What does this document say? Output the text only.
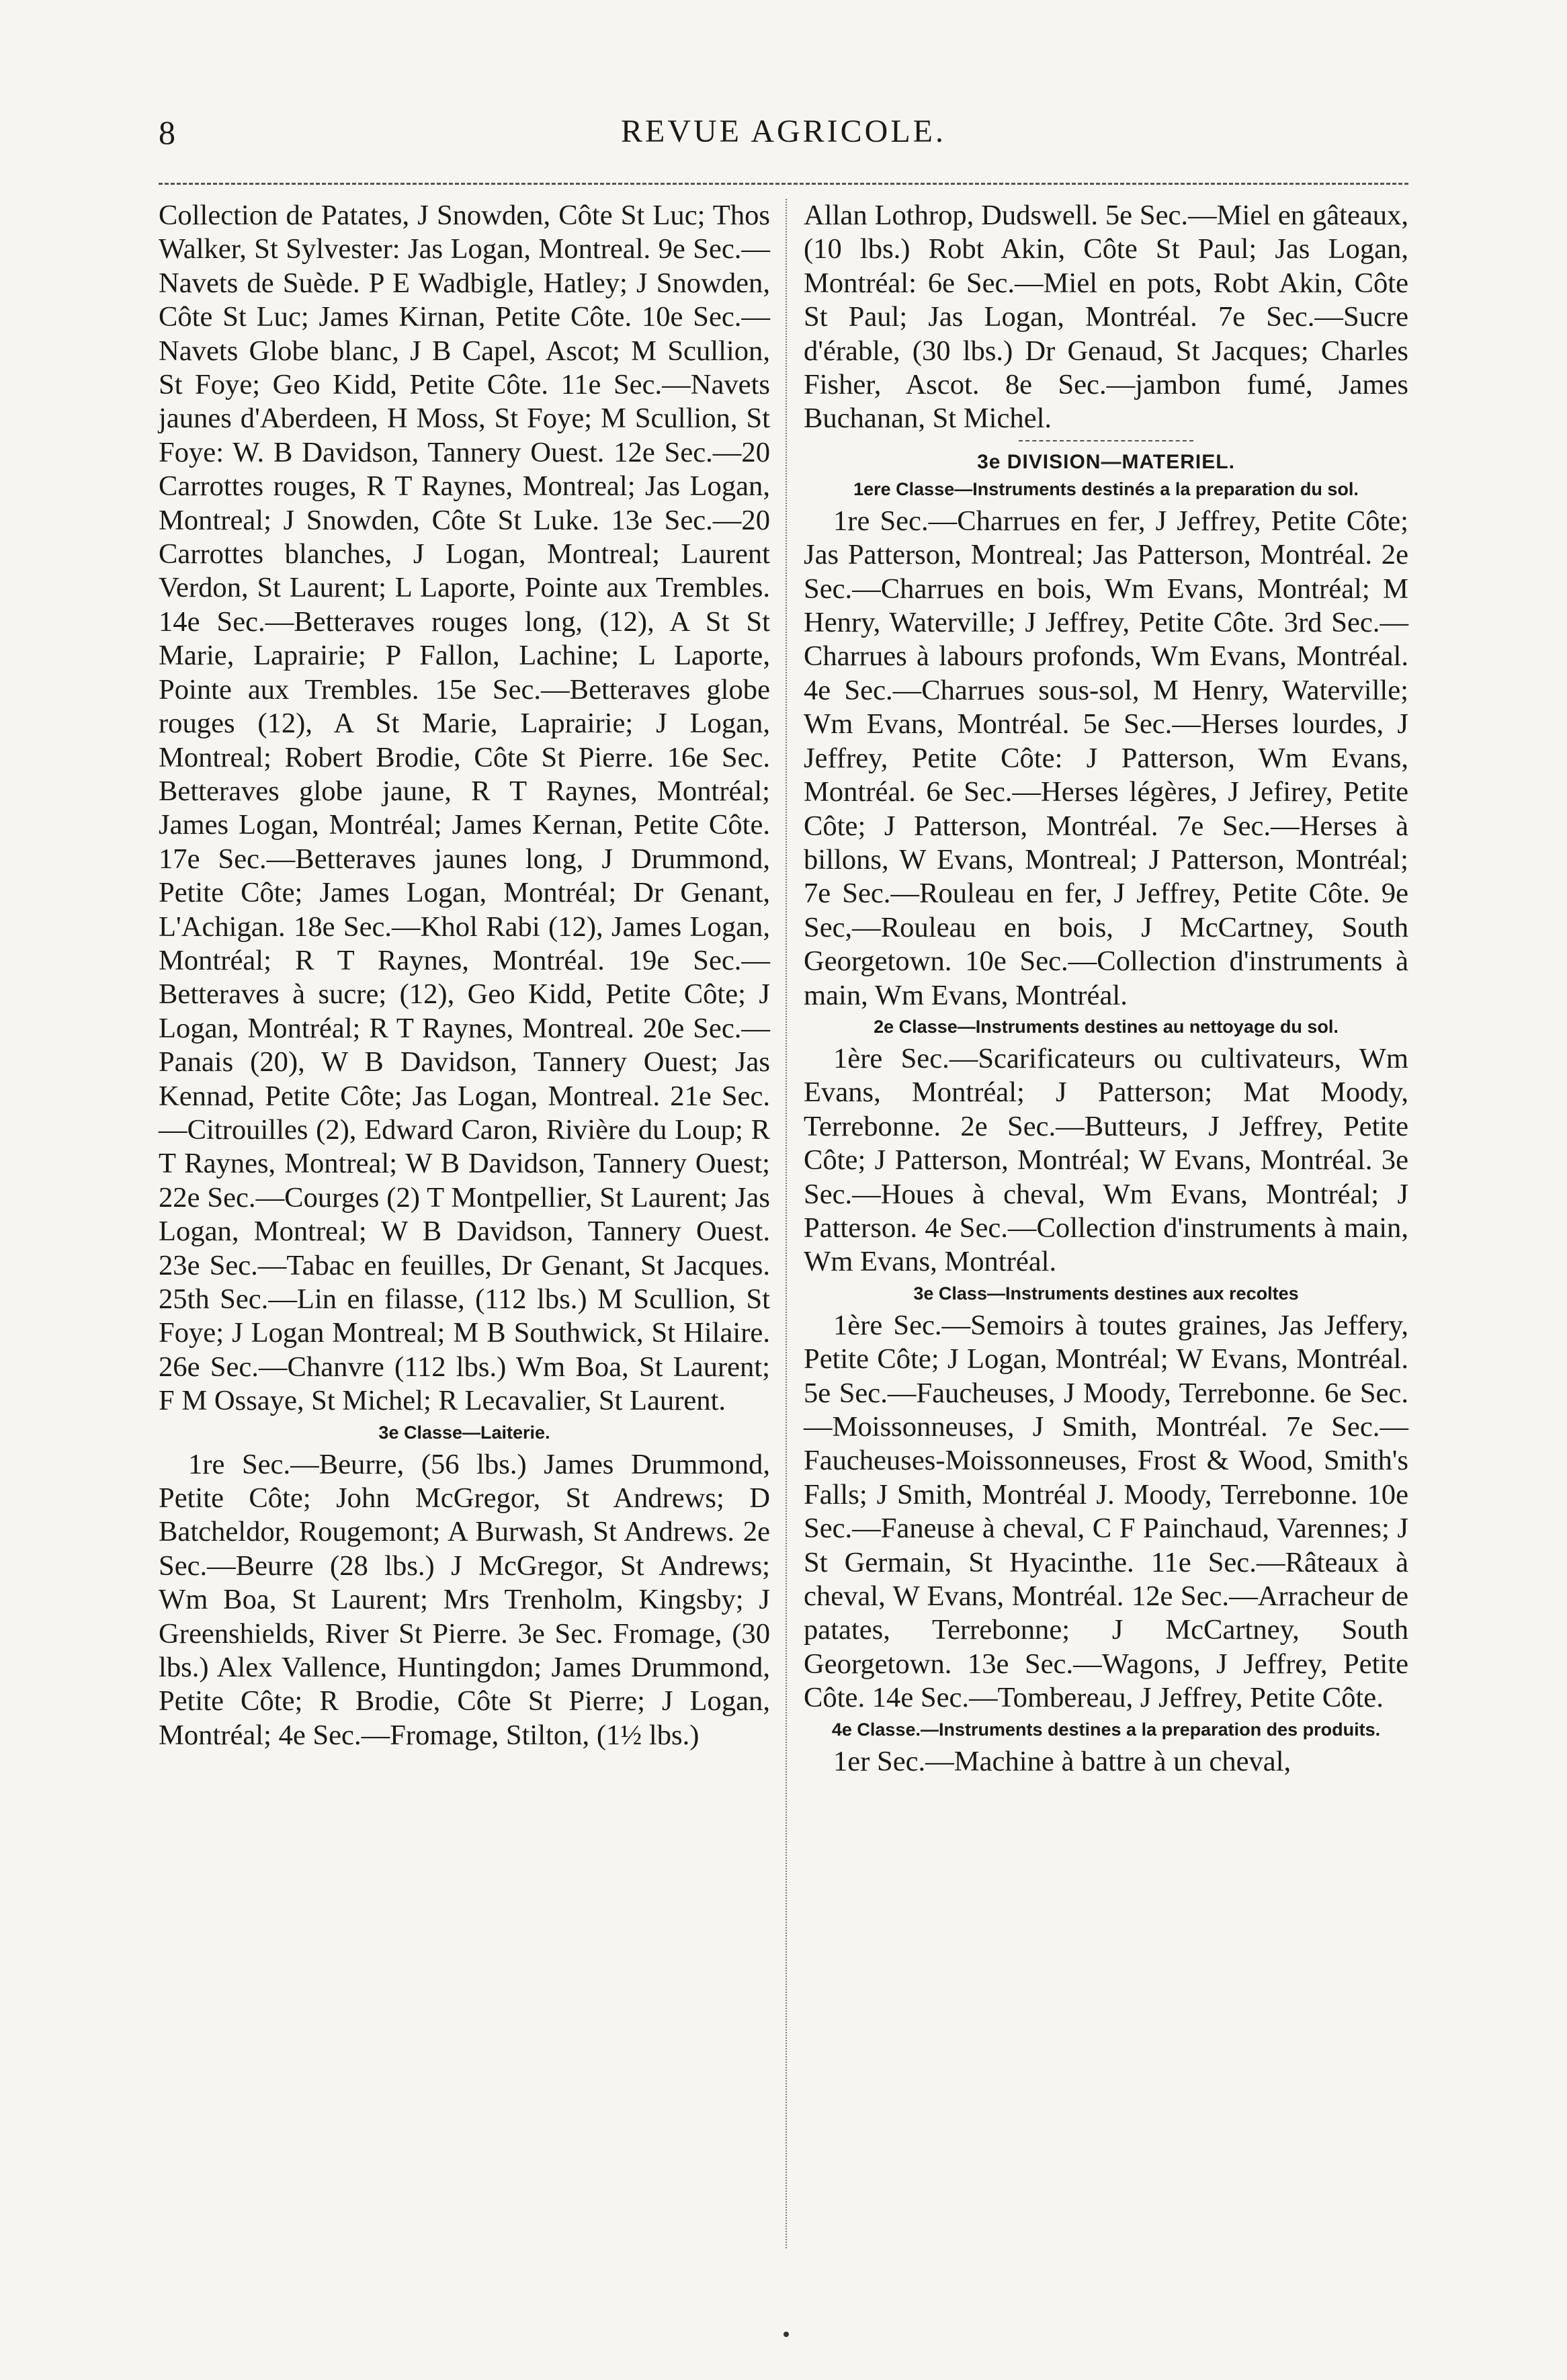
8	REVUE AGRICOLE.

Collection de Patates, J Snowden, Côte St Luc; Thos Walker, St Sylvester: Jas Logan, Montreal. 9e Sec.—Navets de Suède. P E Wadbigle, Hatley; J Snowden, Côte St Luc; James Kirnan, Petite Côte. 10e Sec.—Navets Globe blanc, J B Capel, Ascot; M Scullion, St Foye; Geo Kidd, Petite Côte. 11e Sec.—Navets jaunes d'Aberdeen, H Moss, St Foye; M Scullion, St Foye: W. B Davidson, Tannery Ouest. 12e Sec.—20 Carrottes rouges, R T Raynes, Montreal; Jas Logan, Montreal; J Snowden, Côte St Luke. 13e Sec.—20 Carrottes blanches, J Logan, Montreal; Laurent Verdon, St Laurent; L Laporte, Pointe aux Trembles. 14e Sec.—Betteraves rouges long, (12), A St St Marie, Laprairie; P Fallon, Lachine; L Laporte, Pointe aux Trembles. 15e Sec.—Betteraves globe rouges (12), A St Marie, Laprairie; J Logan, Montreal; Robert Brodie, Côte St Pierre. 16e Sec. Betteraves globe jaune, R T Raynes, Montréal; James Logan, Montréal; James Kernan, Petite Côte. 17e Sec.—Betteraves jaunes long, J Drummond, Petite Côte; James Logan, Montréal; Dr Genant, L'Achigan. 18e Sec.—Khol Rabi (12), James Logan, Montréal; R T Raynes, Montréal. 19e Sec.—Betteraves à sucre; (12), Geo Kidd, Petite Côte; J Logan, Montréal; R T Raynes, Montreal. 20e Sec.—Panais (20), W B Davidson, Tannery Ouest; Jas Kennad, Petite Côte; Jas Logan, Montreal. 21e Sec.—Citrouilles (2), Edward Caron, Rivière du Loup; R T Raynes, Montreal; W B Davidson, Tannery Ouest; 22e Sec.—Courges (2) T Montpellier, St Laurent; Jas Logan, Montreal; W B Davidson, Tannery Ouest. 23e Sec.—Tabac en feuilles, Dr Genant, St Jacques. 25th Sec.—Lin en filasse, (112 lbs.) M Scullion, St Foye; J Logan Montreal; M B Southwick, St Hilaire. 26e Sec.—Chanvre (112 lbs.) Wm Boa, St Laurent; F M Ossaye, St Michel; R Lecavalier, St Laurent.

3e Classe—Laiterie.

1re Sec.—Beurre, (56 lbs.) James Drummond, Petite Côte; John McGregor, St Andrews; D Batcheldor, Rougemont; A Burwash, St Andrews. 2e Sec.—Beurre (28 lbs.) J McGregor, St Andrews; Wm Boa, St Laurent; Mrs Trenholm, Kingsby; J Greenshields, River St Pierre. 3e Sec. Fromage, (30 lbs.) Alex Vallence, Huntingdon; James Drummond, Petite Côte; R Brodie, Côte St Pierre; J Logan, Montréal; 4e Sec.—Fromage, Stilton, (1½ lbs.)

Allan Lothrop, Dudswell. 5e Sec.—Miel en gâteaux, (10 lbs.) Robt Akin, Côte St Paul; Jas Logan, Montréal: 6e Sec.—Miel en pots, Robt Akin, Côte St Paul; Jas Logan, Montréal. 7e Sec.—Sucre d'érable, (30 lbs.) Dr Genaud, St Jacques; Charles Fisher, Ascot. 8e Sec.—jambon fumé, James Buchanan, St Michel.

3e DIVISION—MATERIEL.
1ere Classe—Instruments destinés a la preparation du sol.

1re Sec.—Charrues en fer, J Jeffrey, Petite Côte; Jas Patterson, Montreal; Jas Patterson, Montréal. 2e Sec.—Charrues en bois, Wm Evans, Montréal; M Henry, Waterville; J Jeffrey, Petite Côte. 3rd Sec.—Charrues à labours profonds, Wm Evans, Montréal. 4e Sec.—Charrues sous-sol, M Henry, Waterville; Wm Evans, Montréal. 5e Sec.—Herses lourdes, J Jeffrey, Petite Côte: J Patterson, Wm Evans, Montréal. 6e Sec.—Herses légères, J Jefirey, Petite Côte; J Patterson, Montréal. 7e Sec.—Herses à billons, W Evans, Montreal; J Patterson, Montréal; 7e Sec.—Rouleau en fer, J Jeffrey, Petite Côte. 9e Sec,—Rouleau en bois, J McCartney, South Georgetown. 10e Sec.—Collection d'instruments à main, Wm Evans, Montréal.

2e Classe—Instruments destines au nettoyage du sol.

1ère Sec.—Scarificateurs ou cultivateurs, Wm Evans, Montréal; J Patterson; Mat Moody, Terrebonne. 2e Sec.—Butteurs, J Jeffrey, Petite Côte; J Patterson, Montréal; W Evans, Montréal. 3e Sec.—Houes à cheval, Wm Evans, Montréal; J Patterson. 4e Sec.—Collection d'instruments à main, Wm Evans, Montréal.

3e Class—Instruments destines aux recoltes

1ère Sec.—Semoirs à toutes graines, Jas Jeffery, Petite Côte; J Logan, Montréal; W Evans, Montréal. 5e Sec.—Faucheuses, J Moody, Terrebonne. 6e Sec.—Moissonneuses, J Smith, Montréal. 7e Sec.—Faucheuses-Moissonneuses, Frost & Wood, Smith's Falls; J Smith, Montréal J. Moody, Terrebonne. 10e Sec.—Faneuse à cheval, C F Painchaud, Varennes; J St Germain, St Hyacinthe. 11e Sec.—Râteaux à cheval, W Evans, Montréal. 12e Sec.—Arracheur de patates, Terrebonne; J McCartney, South Georgetown. 13e Sec.—Wagons, J Jeffrey, Petite Côte. 14e Sec.—Tombereau, J Jeffrey, Petite Côte.

4e Classe.—Instruments destines a la preparation des produits.

1er Sec.—Machine à battre à un cheval,
